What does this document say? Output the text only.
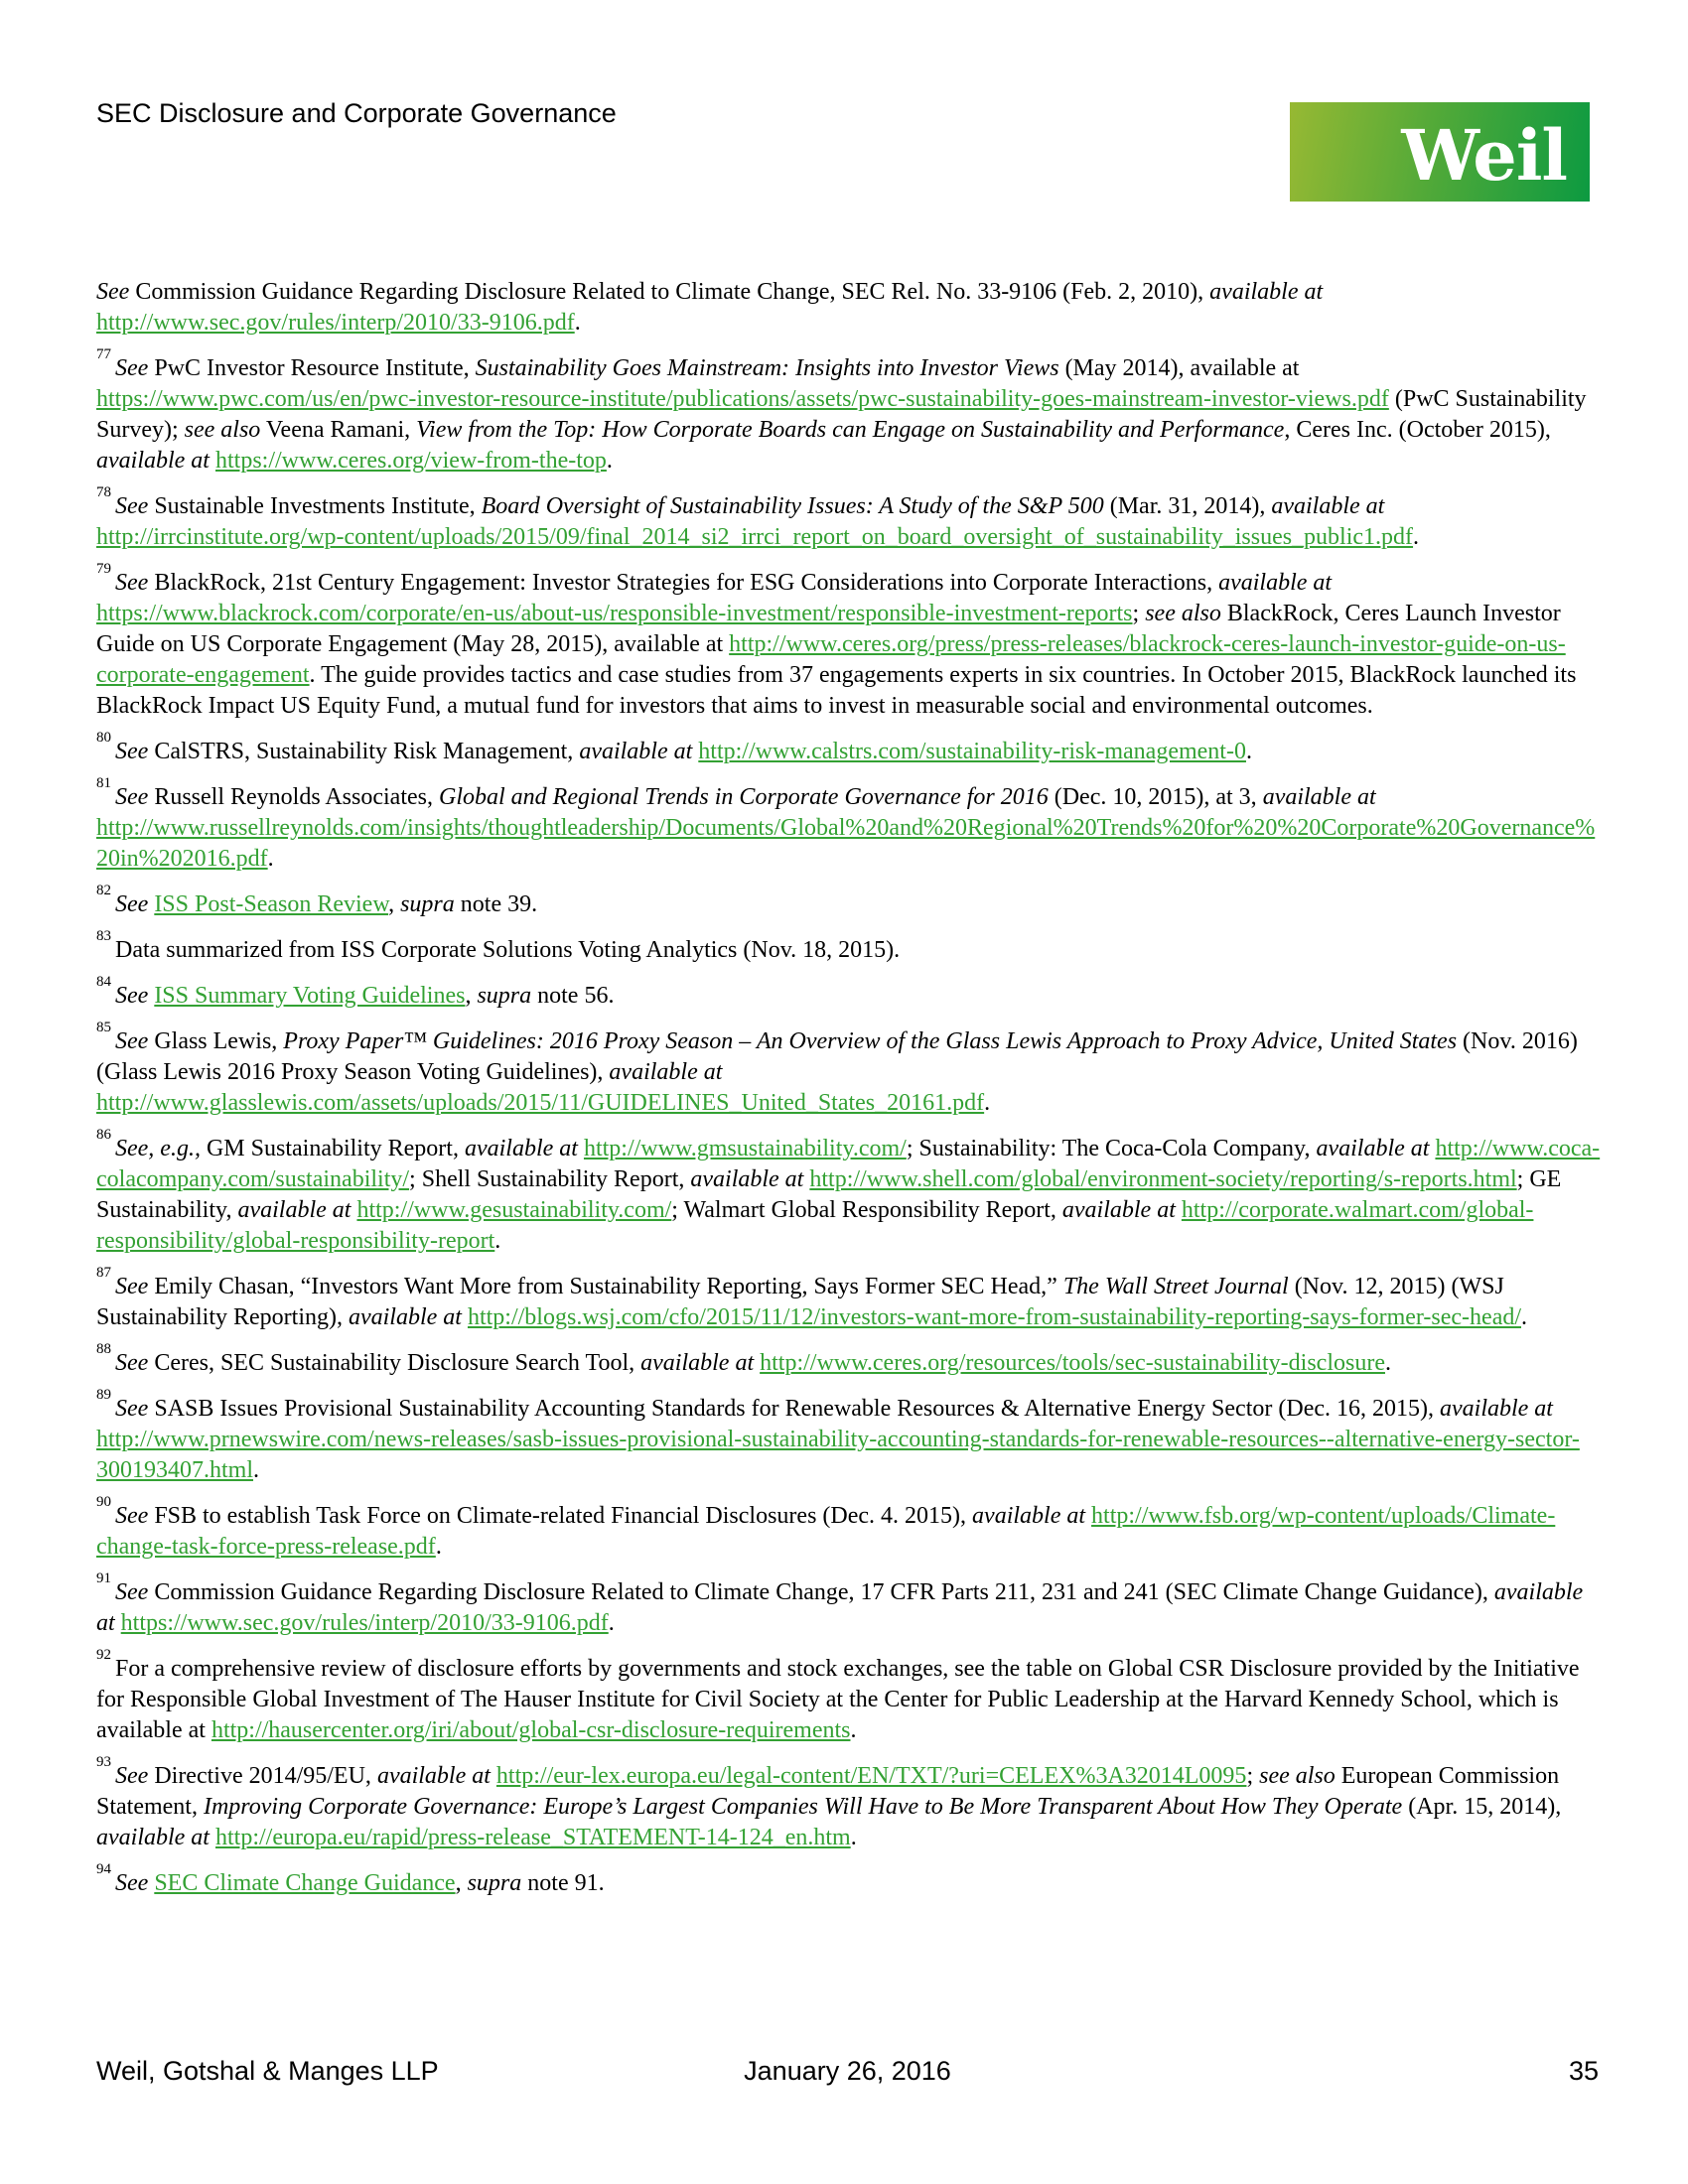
SEC Disclosure and Corporate Governance
Weil

See Commission Guidance Regarding Disclosure Related to Climate Change, SEC Rel. No. 33-9106 (Feb. 2, 2010), available at http://www.sec.gov/rules/interp/2010/33-9106.pdf.

$^{77}$See PwC Investor Resource Institute, Sustainability Goes Mainstream: Insights into Investor Views (May 2014), available at https://www.pwc.com/us/en/pwc-investor-resource-institute/publications/assets/pwc-sustainability-goes-mainstream-investor-views.pdf (PwC Sustainability Survey); see also Veena Ramani, View from the Top: How Corporate Boards can Engage on Sustainability and Performance, Ceres Inc. (October 2015), available at https://www.ceres.org/view-from-the-top.

$^{78}$See Sustainable Investments Institute, Board Oversight of Sustainability Issues: A Study of the S&P 500 (Mar. 31, 2014), available at http://irrcinstitute.org/wp-content/uploads/2015/09/final_2014_si2_irrci_report_on_board_oversight_of_sustainability_issues_public1.pdf.

$^{79}$See BlackRock, 21st Century Engagement: Investor Strategies for ESG Considerations into Corporate Interactions, available at https://www.blackrock.com/corporate/en-us/about-us/responsible-investment/responsible-investment-reports; see also BlackRock, Ceres Launch Investor Guide on US Corporate Engagement (May 28, 2015), available at http://www.ceres.org/press/press-releases/blackrock-ceres-launch-investor-guide-on-us-corporate-engagement. The guide provides tactics and case studies from 37 engagements experts in six countries. In October 2015, BlackRock launched its BlackRock Impact US Equity Fund, a mutual fund for investors that aims to invest in measurable social and environmental outcomes.

$^{80}$See CalSTRS, Sustainability Risk Management, available at http://www.calstrs.com/sustainability-risk-management-0.

$^{81}$See Russell Reynolds Associates, Global and Regional Trends in Corporate Governance for 2016 (Dec. 10, 2015), at 3, available at http://www.russellreynolds.com/insights/thoughtleadership/Documents/Global%20and%20Regional%20Trends%20for%20%20Corporate%20Governance%20in%202016.pdf.

$^{82}$See ISS Post-Season Review, supra note 39.

$^{83}$Data summarized from ISS Corporate Solutions Voting Analytics (Nov. 18, 2015).

$^{84}$See ISS Summary Voting Guidelines, supra note 56.

$^{85}$See Glass Lewis, Proxy Paper™ Guidelines: 2016 Proxy Season – An Overview of the Glass Lewis Approach to Proxy Advice, United States (Nov. 2016) (Glass Lewis 2016 Proxy Season Voting Guidelines), available at http://www.glasslewis.com/assets/uploads/2015/11/GUIDELINES_United_States_20161.pdf.

$^{86}$See, e.g., GM Sustainability Report, available at http://www.gmsustainability.com/; Sustainability: The Coca-Cola Company, available at http://www.coca-colacompany.com/sustainability/; Shell Sustainability Report, available at http://www.shell.com/global/environment-society/reporting/s-reports.html; GE Sustainability, available at http://www.gesustainability.com/; Walmart Global Responsibility Report, available at http://corporate.walmart.com/global-responsibility/global-responsibility-report.

$^{87}$See Emily Chasan, “Investors Want More from Sustainability Reporting, Says Former SEC Head,” The Wall Street Journal (Nov. 12, 2015) (WSJ Sustainability Reporting), available at http://blogs.wsj.com/cfo/2015/11/12/investors-want-more-from-sustainability-reporting-says-former-sec-head/.

$^{88}$See Ceres, SEC Sustainability Disclosure Search Tool, available at http://www.ceres.org/resources/tools/sec-sustainability-disclosure.

$^{89}$See SASB Issues Provisional Sustainability Accounting Standards for Renewable Resources & Alternative Energy Sector (Dec. 16, 2015), available at http://www.prnewswire.com/news-releases/sasb-issues-provisional-sustainability-accounting-standards-for-renewable-resources--alternative-energy-sector-300193407.html.

$^{90}$See FSB to establish Task Force on Climate-related Financial Disclosures (Dec. 4. 2015), available at http://www.fsb.org/wp-content/uploads/Climate-change-task-force-press-release.pdf.

$^{91}$See Commission Guidance Regarding Disclosure Related to Climate Change, 17 CFR Parts 211, 231 and 241 (SEC Climate Change Guidance), available at https://www.sec.gov/rules/interp/2010/33-9106.pdf.

$^{92}$For a comprehensive review of disclosure efforts by governments and stock exchanges, see the table on Global CSR Disclosure provided by the Initiative for Responsible Global Investment of The Hauser Institute for Civil Society at the Center for Public Leadership at the Harvard Kennedy School, which is available at http://hausercenter.org/iri/about/global-csr-disclosure-requirements.

$^{93}$See Directive 2014/95/EU, available at http://eur-lex.europa.eu/legal-content/EN/TXT/?uri=CELEX%3A32014L0095; see also European Commission Statement, Improving Corporate Governance: Europe’s Largest Companies Will Have to Be More Transparent About How They Operate (Apr. 15, 2014), available at http://europa.eu/rapid/press-release_STATEMENT-14-124_en.htm.

$^{94}$See SEC Climate Change Guidance, supra note 91.

Weil, Gotshal & Manges LLP	January 26, 2016	35
